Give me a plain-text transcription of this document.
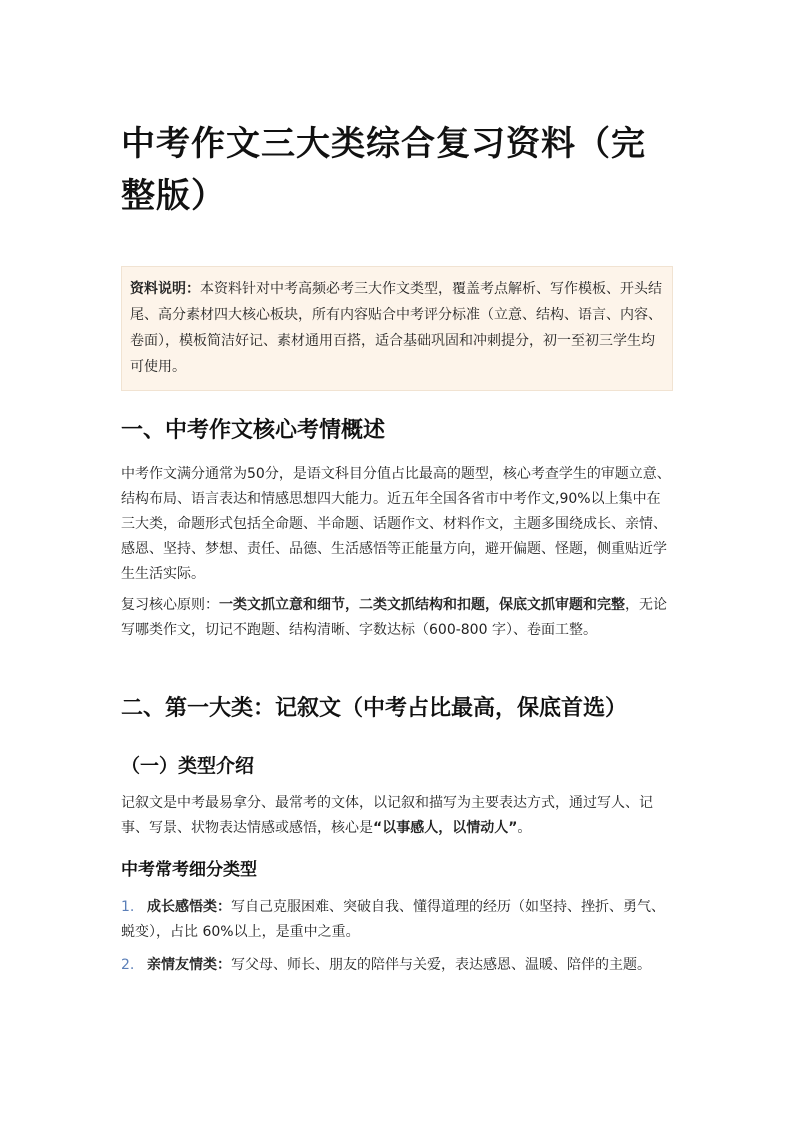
中考作文三大类综合复习资料（完整版）
资料说明：本资料针对中考高频必考三大作文类型，覆盖考点解析、写作模板、开头结尾、高分素材四大核心板块，所有内容贴合中考评分标准（立意、结构、语言、内容、卷面），模板简洁好记、素材通用百搭，适合基础巩固和冲刺提分，初一至初三学生均可使用。
一、中考作文核心考情概述

中考作文满分通常为50分，是语文科目分值占比最高的题型，核心考查学生的审题立意、结构布局、语言表达和情感思想四大能力。近五年全国各省市中考作文,90%以上集中在三大类，命题形式包括全命题、半命题、话题作文、材料作文，主题多围绕成长、亲情、感恩、坚持、梦想、责任、品德、生活感悟等正能量方向，避开偏题、怪题，侧重贴近学生生活实际。

复习核心原则：一类文抓立意和细节，二类文抓结构和扣题，保底文抓审题和完整，无论写哪类作文，切记不跑题、结构清晰、字数达标（600-800 字）、卷面工整。

二、第一大类：记叙文（中考占比最高，保底首选）
（一）类型介绍

记叙文是中考最易拿分、最常考的文体，以记叙和描写为主要表达方式，通过写人、记事、写景、状物表达情感或感悟，核心是“以事感人，以情动人”。

中考常考细分类型
1. 成长感悟类：写自己克服困难、突破自我、懂得道理的经历（如坚持、挫折、勇气、蜕变），占比 60%以上，是重中之重。
2. 亲情友情类：写父母、师长、朋友的陪伴与关爱，表达感恩、温暖、陪伴的主题。
